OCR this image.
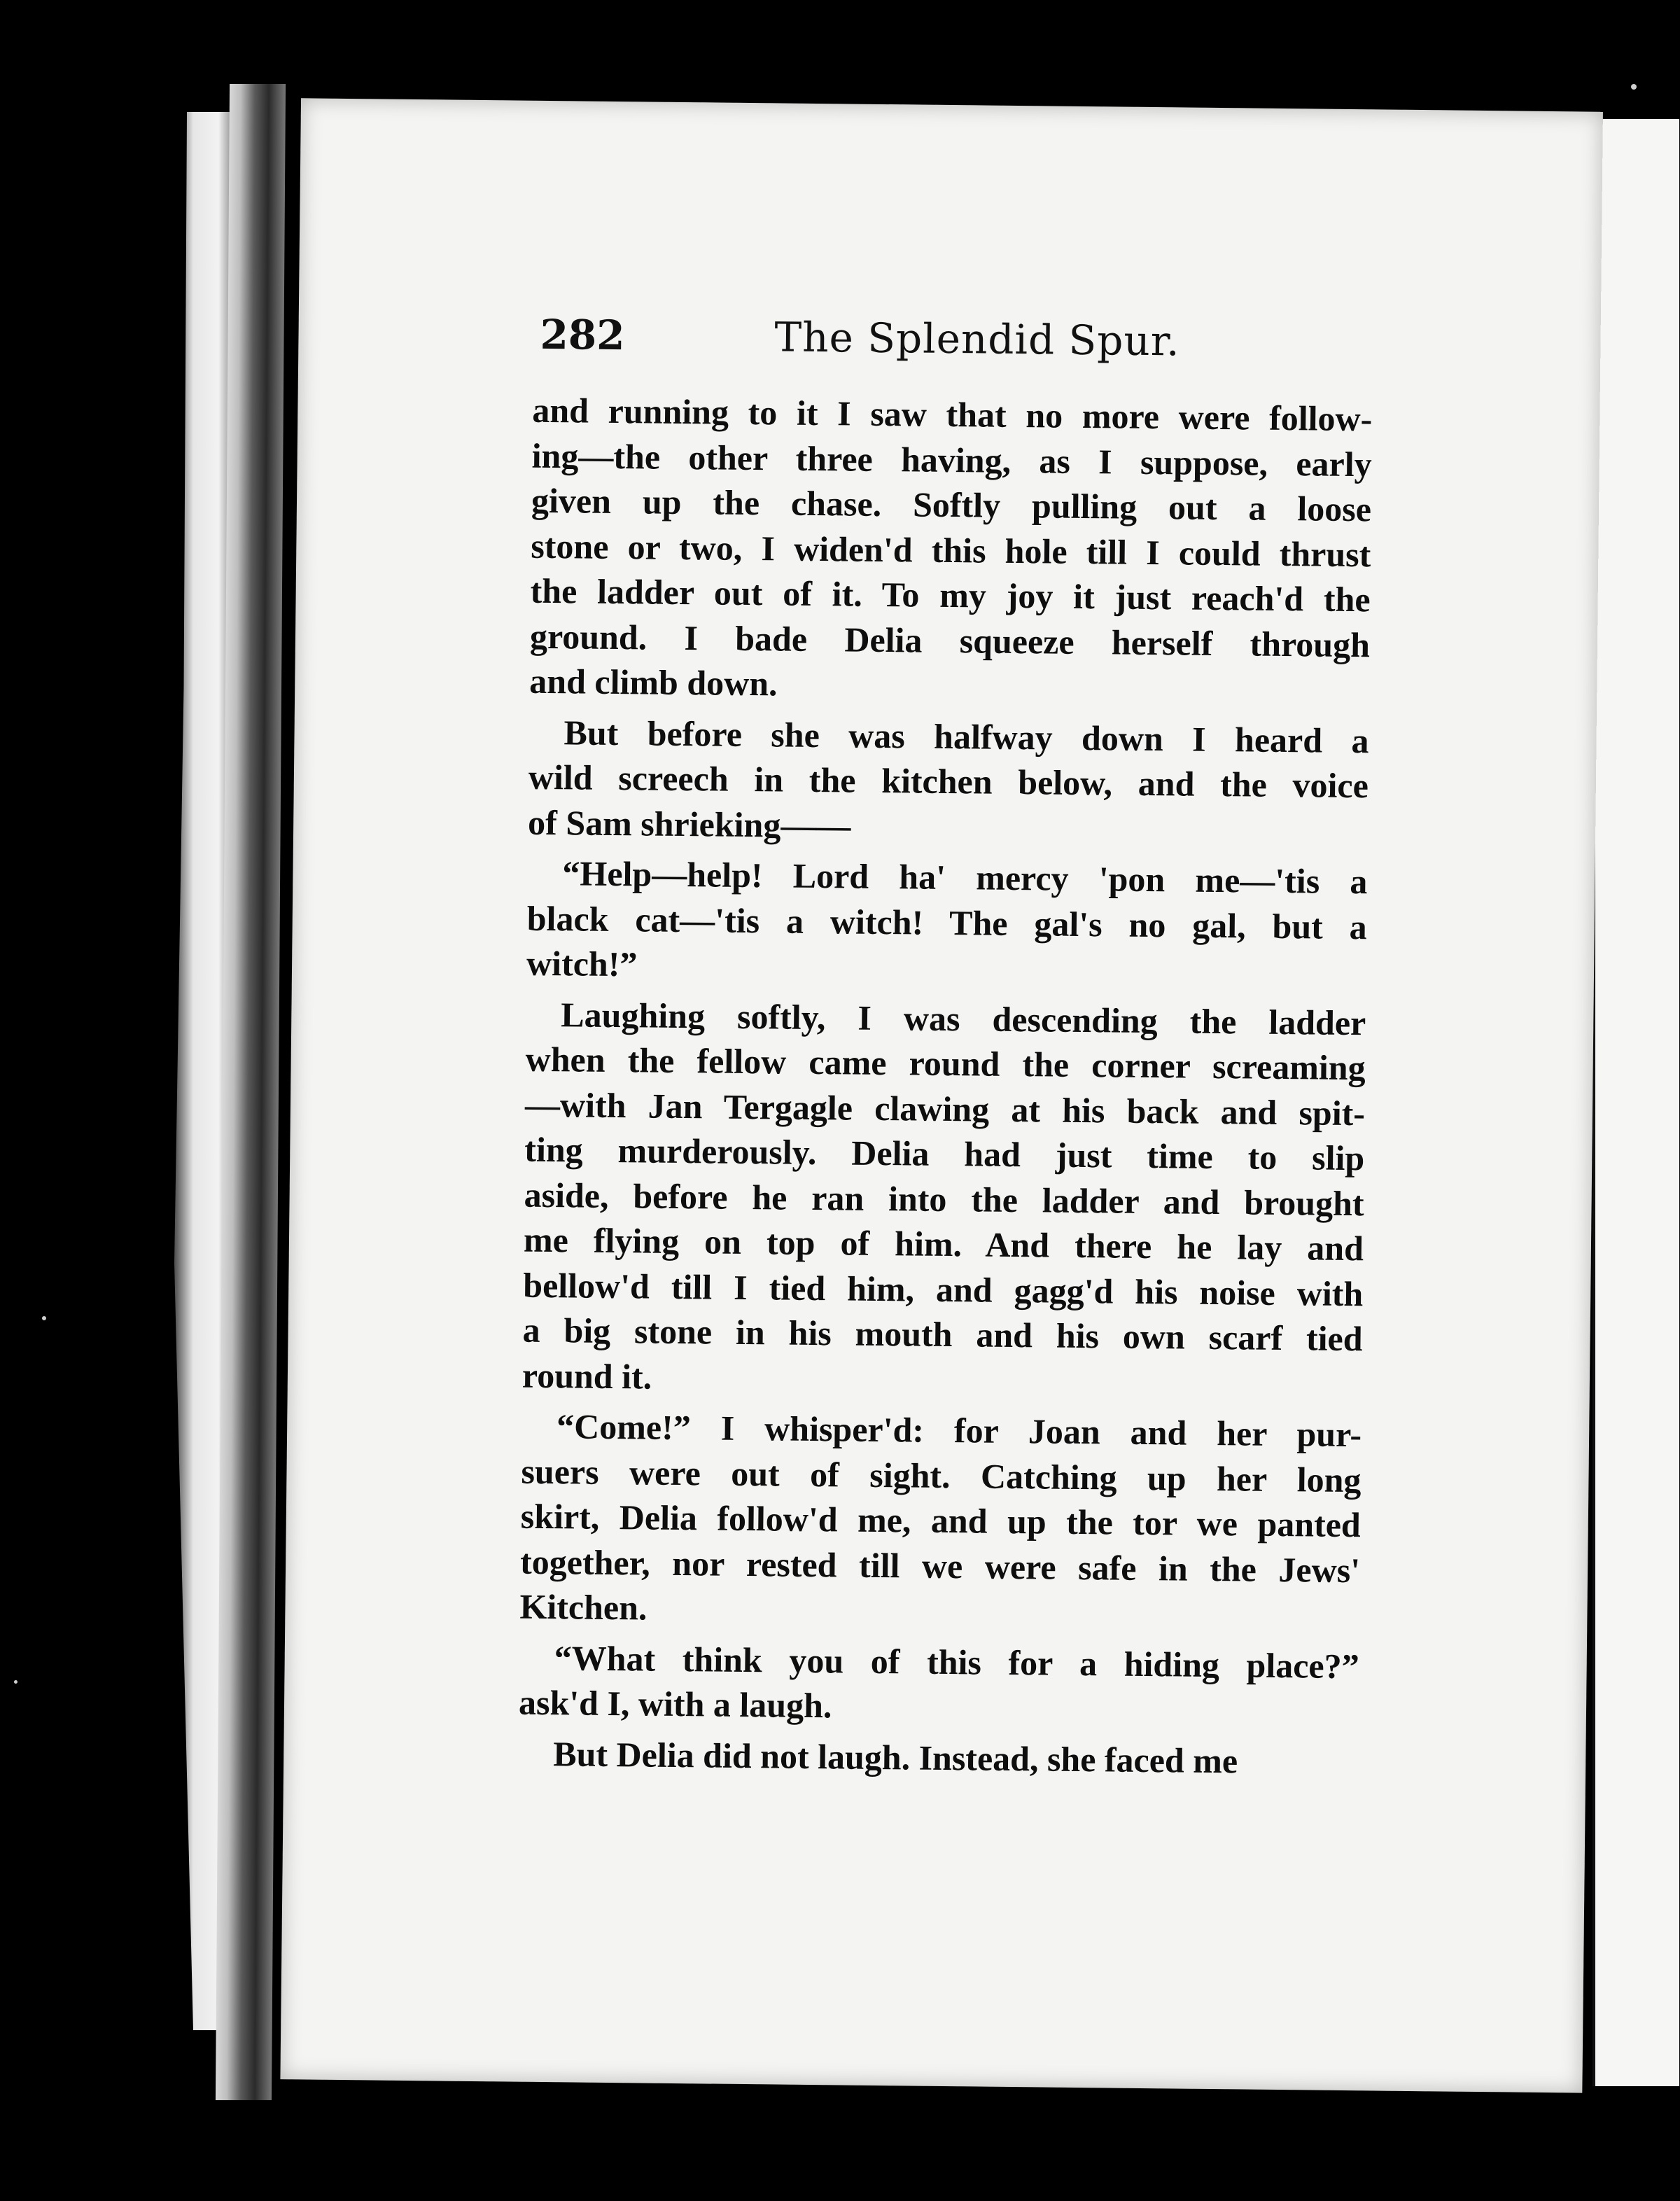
282	The Splendid Spur.
and running to it I saw that no more were follow-
ing—the other three having, as I suppose, early
given up the chase. Softly pulling out a loose
stone or two, I widen'd this hole till I could thrust
the ladder out of it. To my joy it just reach'd the
ground. I bade Delia squeeze herself through
and climb down.
But before she was halfway down I heard a
wild screech in the kitchen below, and the voice
of Sam shrieking——
“Help—help! Lord ha' mercy 'pon me—'tis a
black cat—'tis a witch! The gal's no gal, but a
witch!”
Laughing softly, I was descending the ladder
when the fellow came round the corner screaming
—with Jan Tergagle clawing at his back and spit-
ting murderously. Delia had just time to slip
aside, before he ran into the ladder and brought
me flying on top of him. And there he lay and
bellow'd till I tied him, and gagg'd his noise with
a big stone in his mouth and his own scarf tied
round it.
“Come!” I whisper'd: for Joan and her pur-
suers were out of sight. Catching up her long
skirt, Delia follow'd me, and up the tor we panted
together, nor rested till we were safe in the Jews'
Kitchen.
“What think you of this for a hiding place?”
ask'd I, with a laugh.
But Delia did not laugh. Instead, she faced me
